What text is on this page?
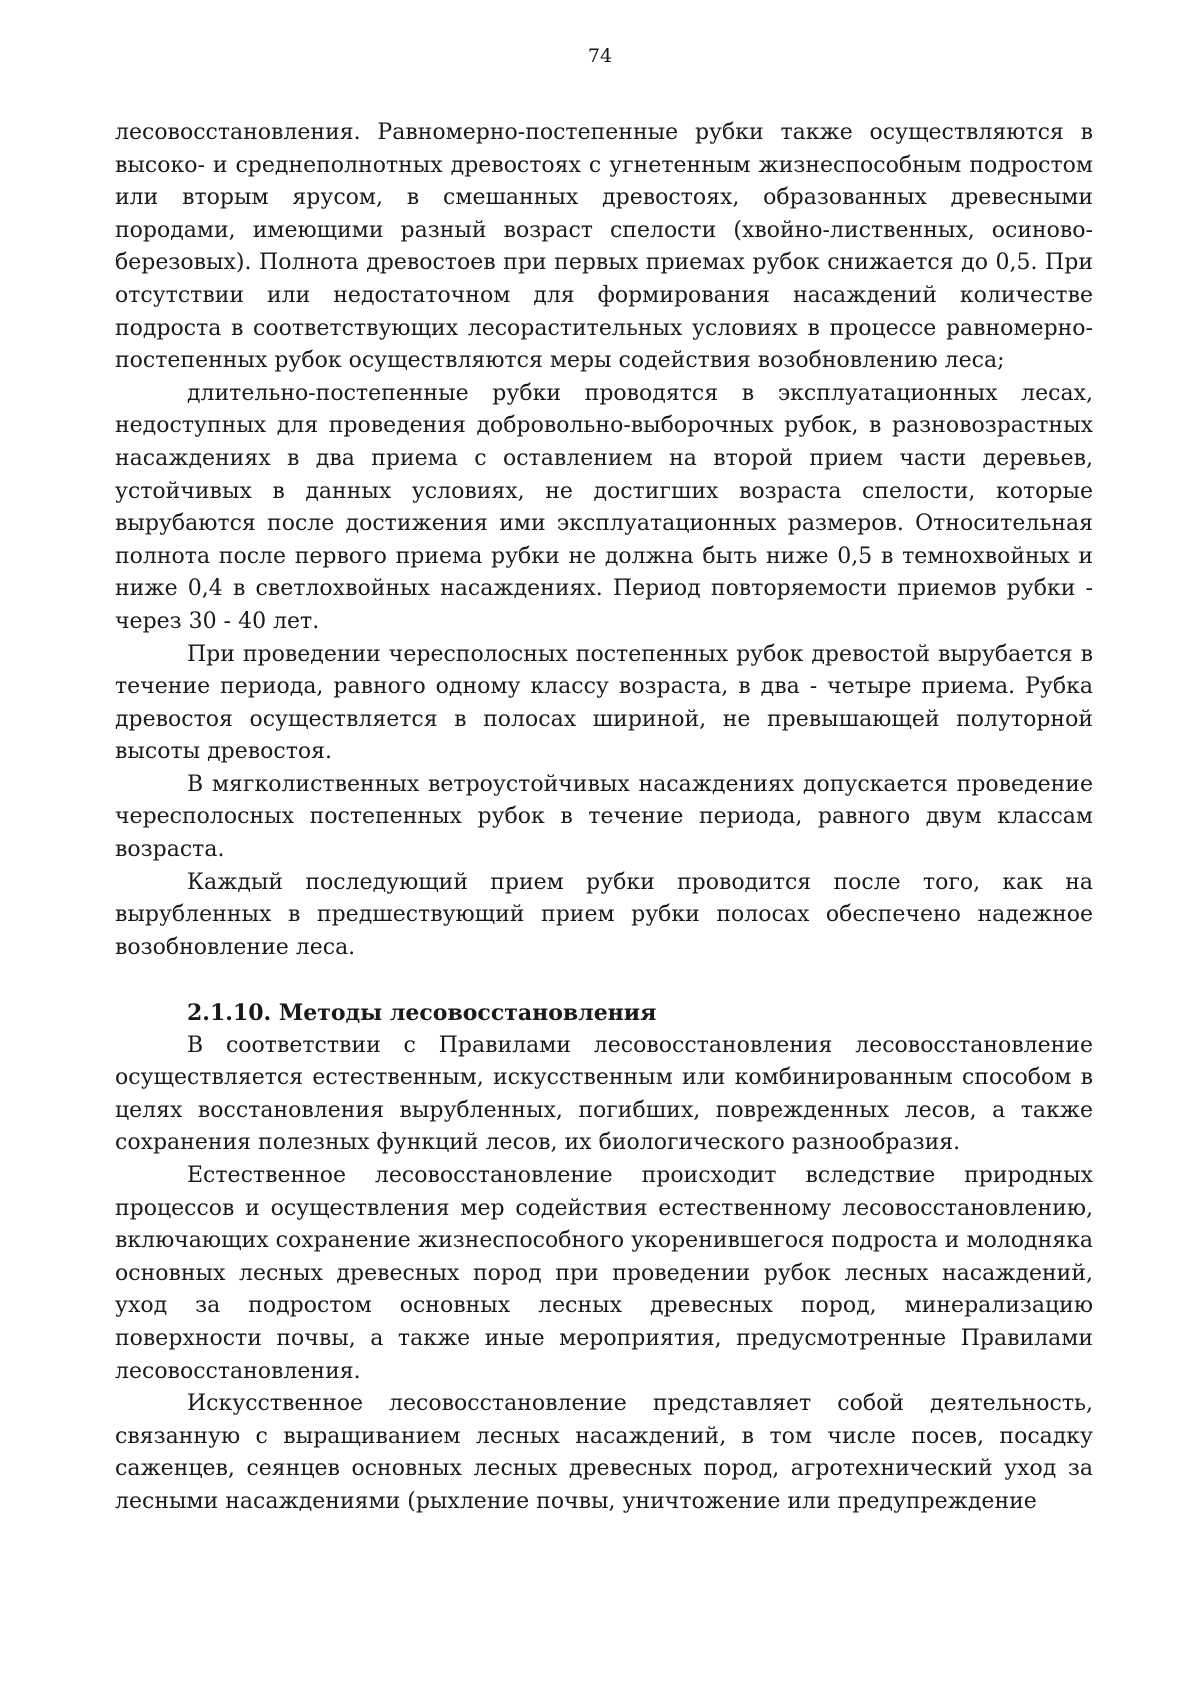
74

лесовосстановления. Равномерно-постепенные рубки также осуществляются в высоко- и среднеполнотных древостоях с угнетенным жизнеспособным подростом или вторым ярусом, в смешанных древостоях, образованных древесными породами, имеющими разный возраст спелости (хвойно-лиственных, осиново-березовых). Полнота древостоев при первых приемах рубок снижается до 0,5. При отсутствии или недостаточном для формирования насаждений количестве подроста в соответствующих лесорастительных условиях в процессе равномерно-постепенных рубок осуществляются меры содействия возобновлению леса;

длительно-постепенные рубки проводятся в эксплуатационных лесах, недоступных для проведения добровольно-выборочных рубок, в разновозрастных насаждениях в два приема с оставлением на второй прием части деревьев, устойчивых в данных условиях, не достигших возраста спелости, которые вырубаются после достижения ими эксплуатационных размеров. Относительная полнота после первого приема рубки не должна быть ниже 0,5 в темнохвойных и ниже 0,4 в светлохвойных насаждениях. Период повторяемости приемов рубки - через 30 - 40 лет.

При проведении чересполосных постепенных рубок древостой вырубается в течение периода, равного одному классу возраста, в два - четыре приема. Рубка древостоя осуществляется в полосах шириной, не превышающей полуторной высоты древостоя.

В мягколиственных ветроустойчивых насаждениях допускается проведение чересполосных постепенных рубок в течение периода, равного двум классам возраста.

Каждый последующий прием рубки проводится после того, как на вырубленных в предшествующий прием рубки полосах обеспечено надежное возобновление леса.

2.1.10. Методы лесовосстановления

В соответствии с Правилами лесовосстановления лесовосстановление осуществляется естественным, искусственным или комбинированным способом в целях восстановления вырубленных, погибших, поврежденных лесов, а также сохранения полезных функций лесов, их биологического разнообразия.

Естественное лесовосстановление происходит вследствие природных процессов и осуществления мер содействия естественному лесовосстановлению, включающих сохранение жизнеспособного укоренившегося подроста и молодняка основных лесных древесных пород при проведении рубок лесных насаждений, уход за подростом основных лесных древесных пород, минерализацию поверхности почвы, а также иные мероприятия, предусмотренные Правилами лесовосстановления.

Искусственное лесовосстановление представляет собой деятельность, связанную с выращиванием лесных насаждений, в том числе посев, посадку саженцев, сеянцев основных лесных древесных пород, агротехнический уход за лесными насаждениями (рыхление почвы, уничтожение или предупреждение
